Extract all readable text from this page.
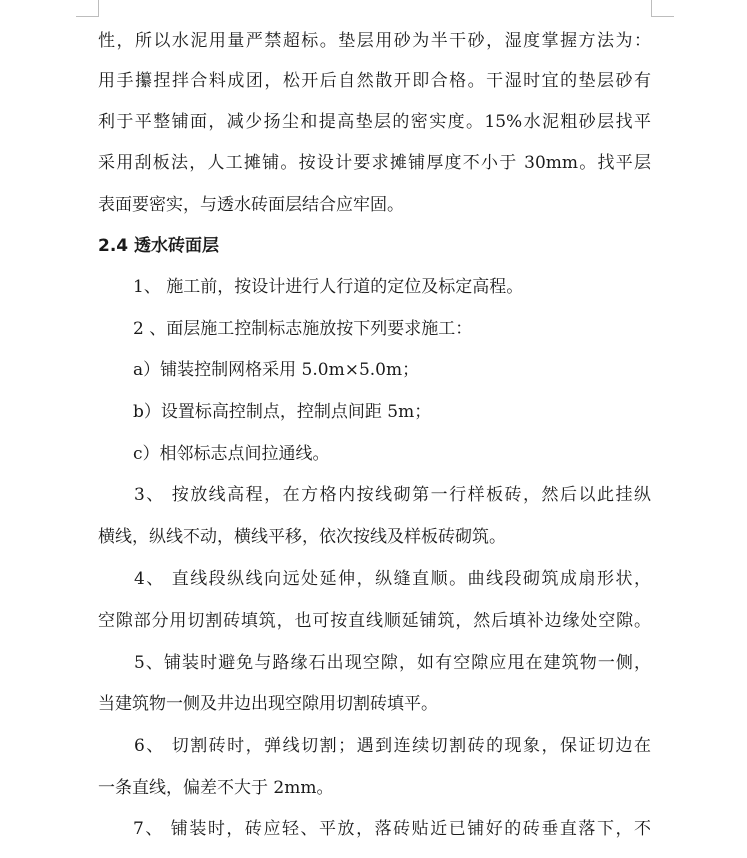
性，所以水泥用量严禁超标。垫层用砂为半干砂，湿度掌握方法为：
用手攥捏拌合料成团，松开后自然散开即合格。干湿时宜的垫层砂有
利于平整铺面，减少扬尘和提高垫层的密实度。15%水泥粗砂层找平
采用刮板法，人工摊铺。按设计要求摊铺厚度不小于 30mm。找平层
表面要密实，与透水砖面层结合应牢固。
2.4 透水砖面层
1、 施工前，按设计进行人行道的定位及标定高程。
2 、面层施工控制标志施放按下列要求施工：
a）铺装控制网格采用 5.0m×5.0m；
b）设置标高控制点，控制点间距 5m；
c）相邻标志点间拉通线。
3、 按放线高程，在方格内按线砌第一行样板砖，然后以此挂纵
横线，纵线不动，横线平移，依次按线及样板砖砌筑。
4、 直线段纵线向远处延伸，纵缝直顺。曲线段砌筑成扇形状，
空隙部分用切割砖填筑，也可按直线顺延铺筑，然后填补边缘处空隙。
5、铺装时避免与路缘石出现空隙，如有空隙应甩在建筑物一侧，
当建筑物一侧及井边出现空隙用切割砖填平。
6、 切割砖时，弹线切割；遇到连续切割砖的现象，保证切边在
一条直线，偏差不大于 2mm。
7、 铺装时，砖应轻、平放，落砖贴近已铺好的砖垂直落下，不
